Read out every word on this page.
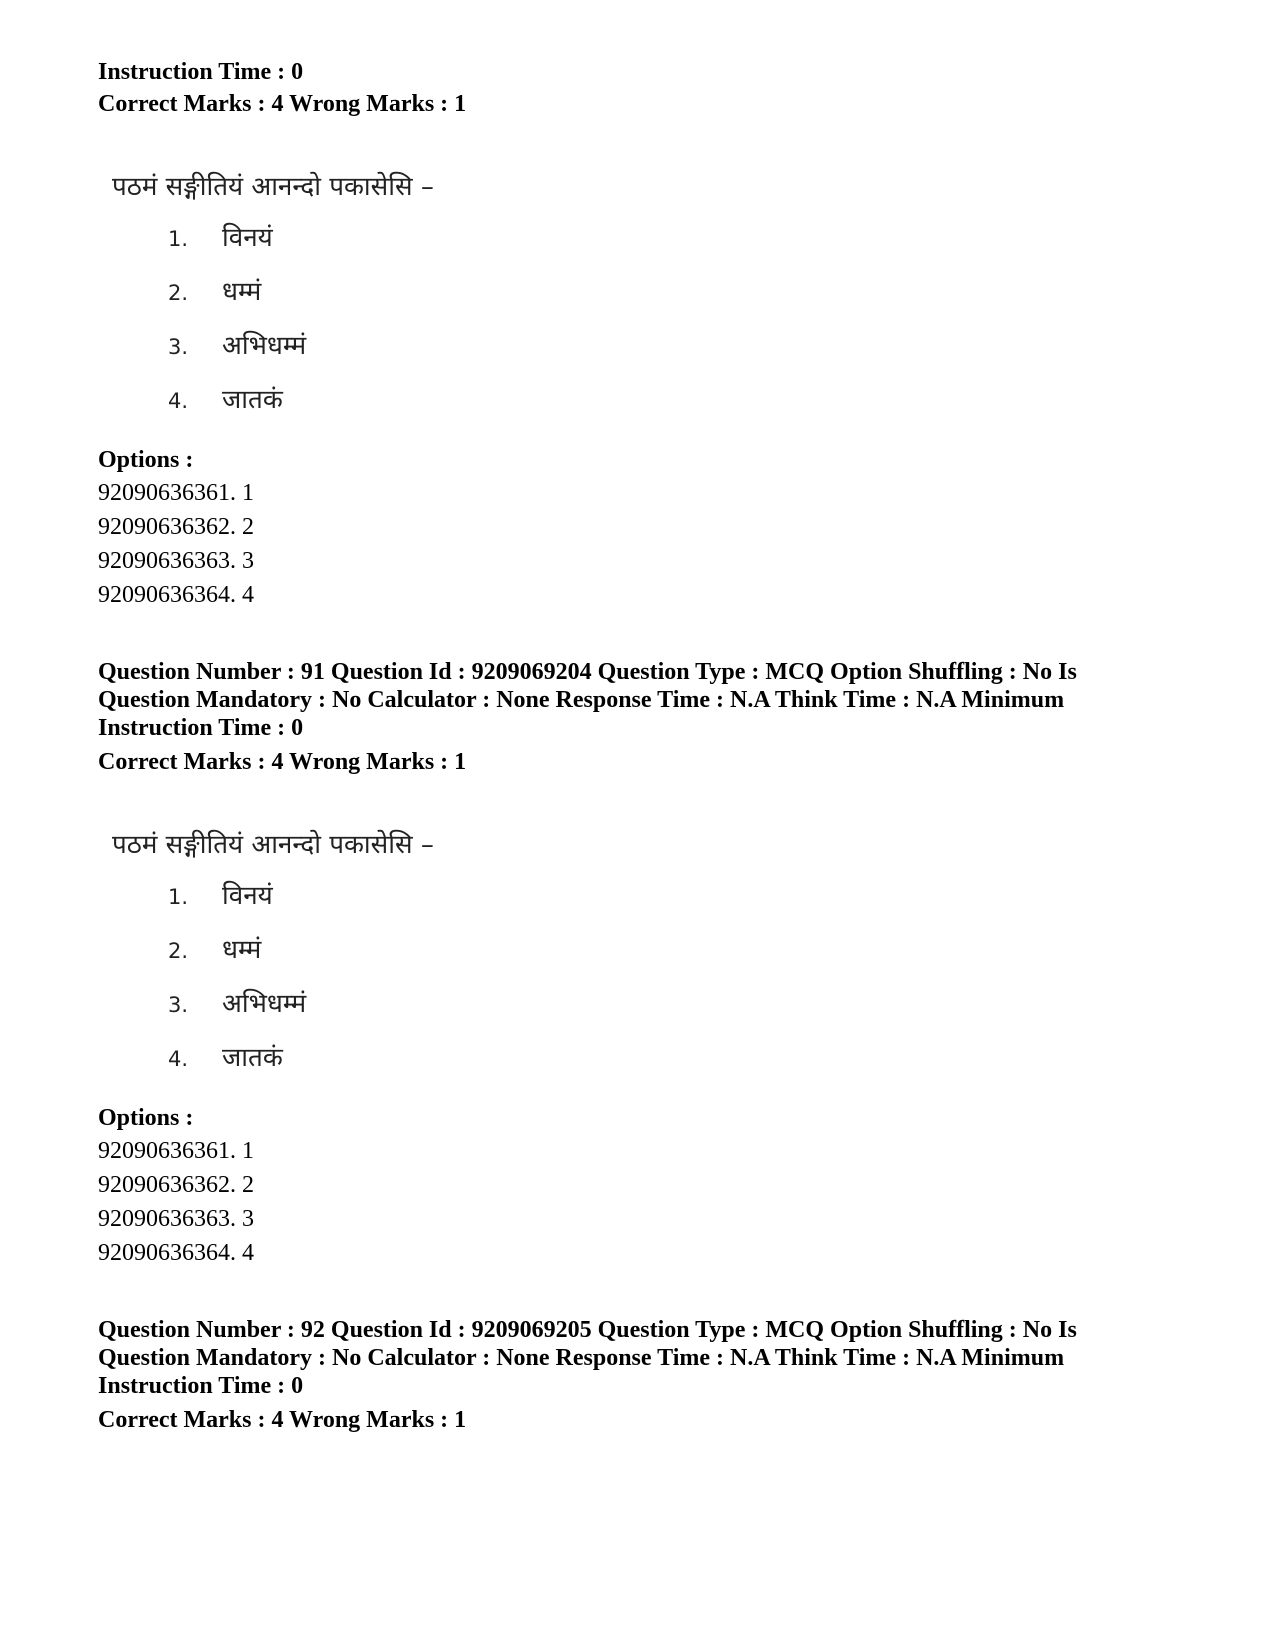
Instruction Time : 0
Correct Marks : 4 Wrong Marks : 1
पठमं सङ्गीतियं आनन्दो पकासेसि –
1.	विनयं
2.	धम्मं
3.	अभिधम्मं
4.	जातकं
Options :
92090636361. 1
92090636362. 2
92090636363. 3
92090636364. 4
Question Number : 91 Question Id : 9209069204 Question Type : MCQ Option Shuffling : No Is
Question Mandatory : No Calculator : None Response Time : N.A Think Time : N.A Minimum
Instruction Time : 0
Correct Marks : 4 Wrong Marks : 1
पठमं सङ्गीतियं आनन्दो पकासेसि –
1.	विनयं
2.	धम्मं
3.	अभिधम्मं
4.	जातकं
Options :
92090636361. 1
92090636362. 2
92090636363. 3
92090636364. 4
Question Number : 92 Question Id : 9209069205 Question Type : MCQ Option Shuffling : No Is
Question Mandatory : No Calculator : None Response Time : N.A Think Time : N.A Minimum
Instruction Time : 0
Correct Marks : 4 Wrong Marks : 1
